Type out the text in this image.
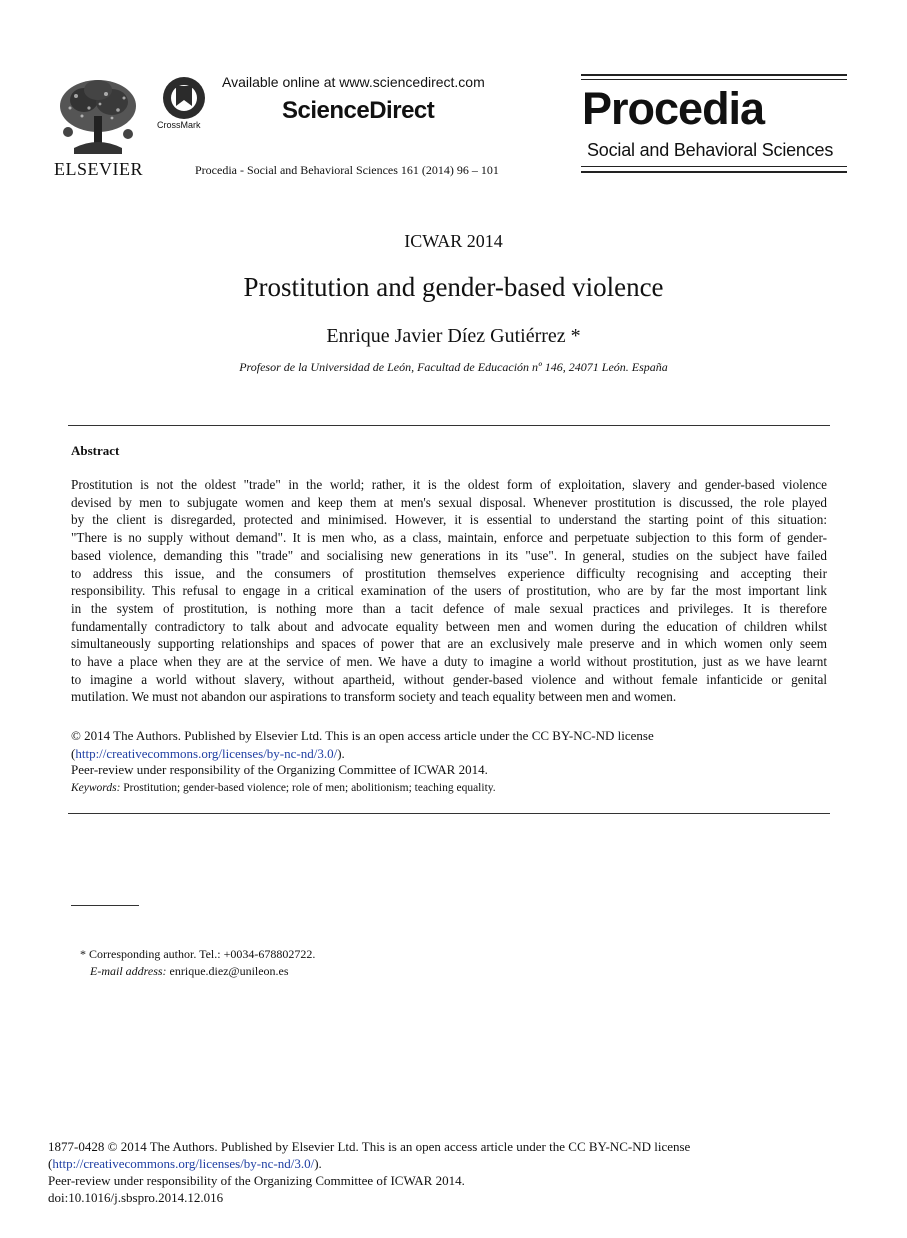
ELSEVIER
CrossMark
Available online at www.sciencedirect.com
ScienceDirect
Procedia - Social and Behavioral Sciences 161 (2014) 96 – 101
Procedia
Social and Behavioral Sciences
ICWAR 2014
Prostitution and gender-based violence
Enrique Javier Díez Gutiérrez *
Profesor de la Universidad de León, Facultad de Educación nº 146, 24071 León. España
Abstract
Prostitution is not the oldest "trade" in the world; rather, it is the oldest form of exploitation, slavery and gender-based violence
devised by men to subjugate women and keep them at men's sexual disposal. Whenever prostitution is discussed, the role played
by the client is disregarded, protected and minimised. However, it is essential to understand the starting point of this situation:
"There is no supply without demand". It is men who, as a class, maintain, enforce and perpetuate subjection to this form of gender-
based violence, demanding this "trade" and socialising new generations in its "use". In general, studies on the subject have failed
to address this issue, and the consumers of prostitution themselves experience difficulty recognising and accepting their
responsibility. This refusal to engage in a critical examination of the users of prostitution, who are by far the most important link
in the system of prostitution, is nothing more than a tacit defence of male sexual practices and privileges. It is therefore
fundamentally contradictory to talk about and advocate equality between men and women during the education of children whilst
simultaneously supporting relationships and spaces of power that are an exclusively male preserve and in which women only seem
to have a place when they are at the service of men. We have a duty to imagine a world without prostitution, just as we have learnt
to imagine a world without slavery, without apartheid, without gender-based violence and without female infanticide or genital
mutilation. We must not abandon our aspirations to transform society and teach equality between men and women.
© 2014 The Authors. Published by Elsevier Ltd. This is an open access article under the CC BY-NC-ND license
(http://creativecommons.org/licenses/by-nc-nd/3.0/).
Peer-review under responsibility of the Organizing Committee of ICWAR 2014.
Keywords: Prostitution; gender-based violence; role of men; abolitionism; teaching equality.
* Corresponding author. Tel.: +0034-678802722.
E-mail address: enrique.diez@unileon.es
1877-0428 © 2014 The Authors. Published by Elsevier Ltd. This is an open access article under the CC BY-NC-ND license
(http://creativecommons.org/licenses/by-nc-nd/3.0/).
Peer-review under responsibility of the Organizing Committee of ICWAR 2014.
doi:10.1016/j.sbspro.2014.12.016
